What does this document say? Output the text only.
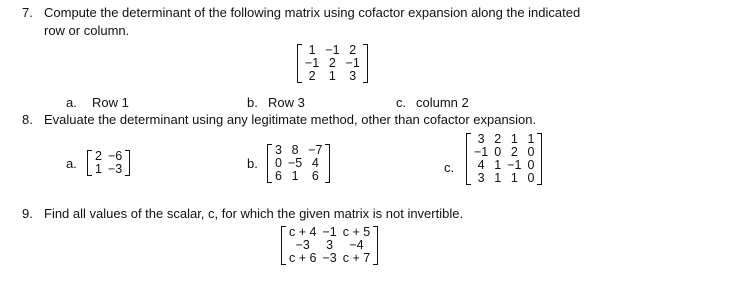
7. Compute the determinant of the following matrix using cofactor expansion along the indicated
row or column.
1	−1	2
−1	2	−1
2	1	3
a. Row 1	b. Row 3	c. column 2
8. Evaluate the determinant using any legitimate method, other than cofactor expansion.
a. 2	−6
1	−3	b.
3	8	−7
0	−5	4
6	1	6
c.
3	2	1	1
−1	0	2	0
4	1	−1	0
3	1	1	0
9. Find all values of the scalar, c, for which the given matrix is not invertible.
c + 4	−1	c + 5
−3	3	−4
c + 6	−3	c + 7
